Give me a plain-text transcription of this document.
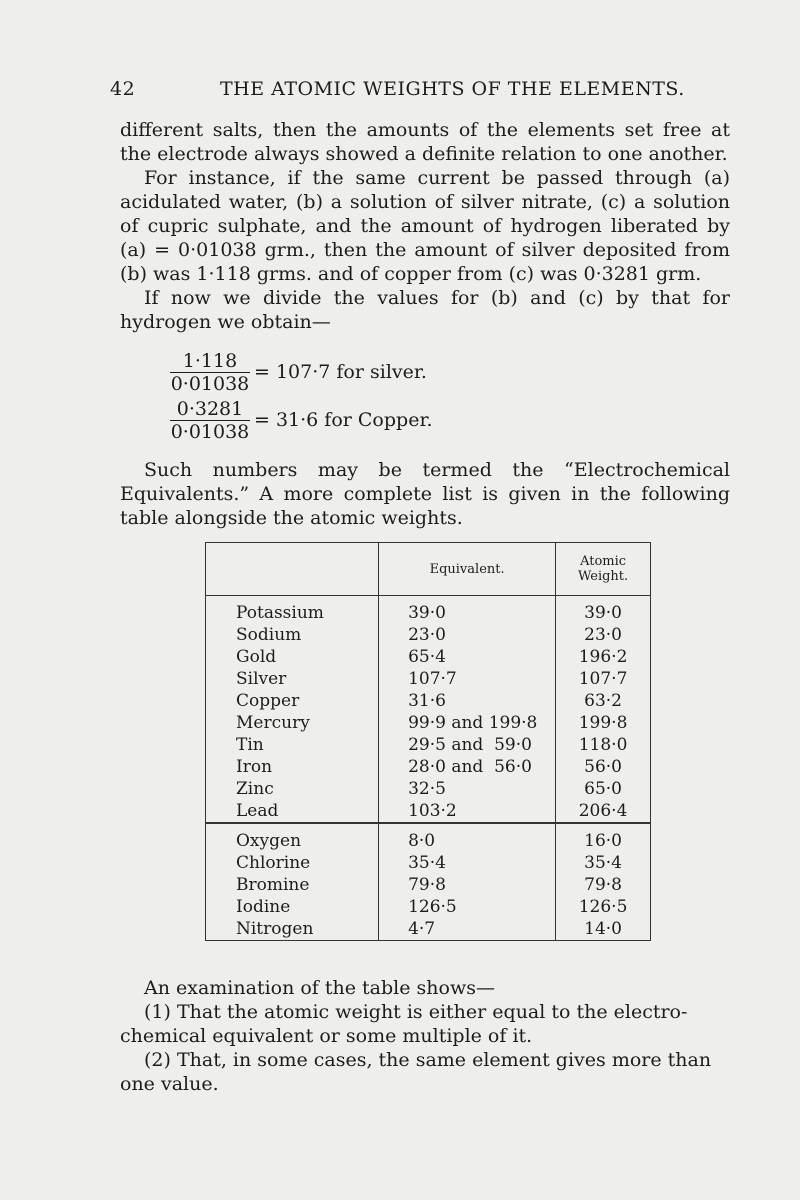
42	THE ATOMIC WEIGHTS OF THE ELEMENTS.

different salts, then the amounts of the elements set free at the electrode always showed a definite relation to one another.

For instance, if the same current be passed through (a) acidulated water, (b) a solution of silver nitrate, (c) a solution of cupric sulphate, and the amount of hydrogen liberated by (a) = 0·01038 grm., then the amount of silver deposited from (b) was 1·118 grms. and of copper from (c) was 0·3281 grm.

If now we divide the values for (b) and (c) by that for hydrogen we obtain—

$\frac{1\cdot 118}{0\cdot 01038} = 107\cdot 7$ for silver.
$\frac{0\cdot 3281}{0\cdot 01038} = 31\cdot 6$ for Copper.

Such numbers may be termed the “Electrochemical Equivalents.” A more complete list is given in the following table alongside the atomic weights.

	Equivalent.	Atomic Weight.
Potassium	39·0	39·0
Sodium	23·0	23·0
Gold	65·4	196·2
Silver	107·7	107·7
Copper	31·6	63·2
Mercury	99·9 and 199·8	199·8
Tin	29·5 and  59·0	118·0
Iron	28·0 and  56·0	56·0
Zinc	32·5	65·0
Lead	103·2	206·4
Oxygen	8·0	16·0
Chlorine	35·4	35·4
Bromine	79·8	79·8
Iodine	126·5	126·5
Nitrogen	4·7	14·0

An examination of the table shows—

(1) That the atomic weight is either equal to the electro-chemical equivalent or some multiple of it.

(2) That, in some cases, the same element gives more than one value.
